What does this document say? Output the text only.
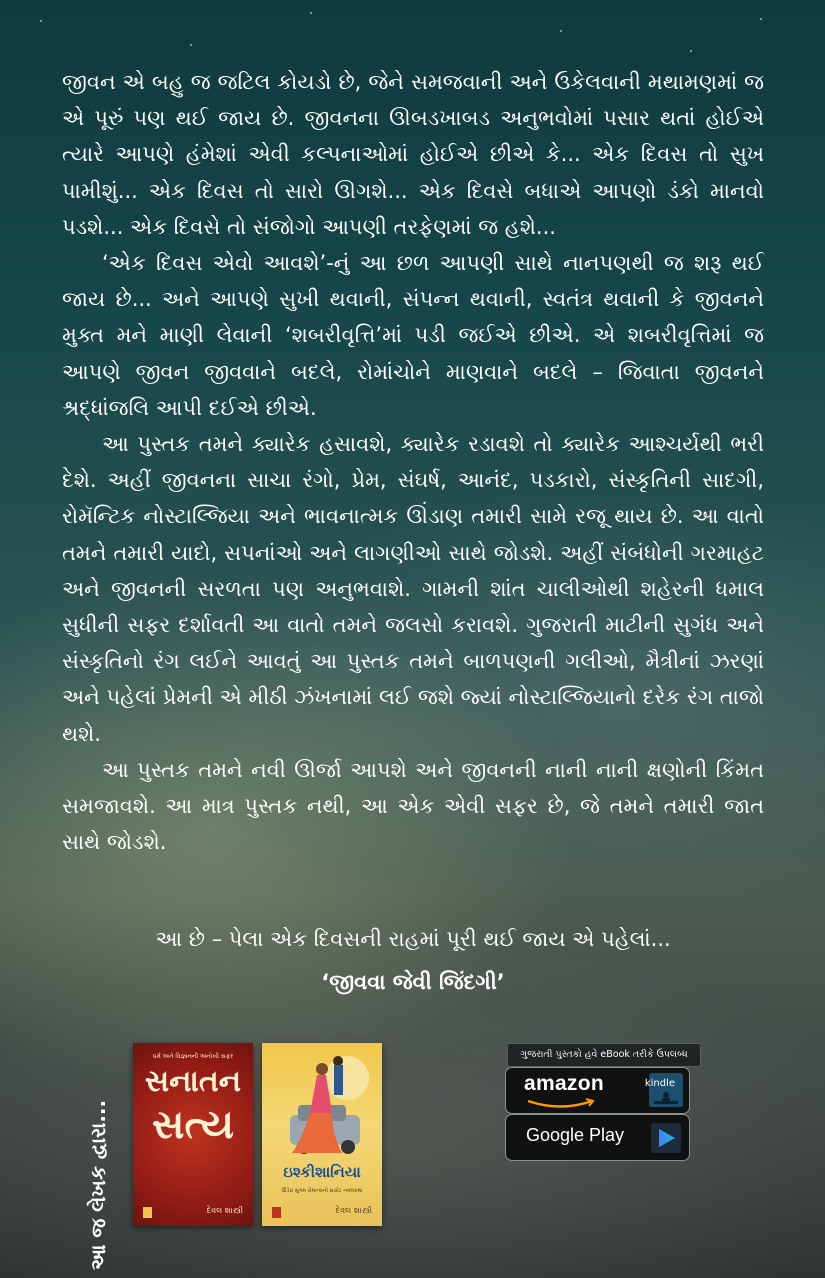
જીવન એ બહુ જ જટિલ કોયડો છે, જેને સમજવાની અને ઉકેલવાની મથામણમાં જ એ પૂરું પણ થઈ જાય છે. જીવનના ઊબડખાબડ અનુભવોમાં પસાર થતાં હોઈએ ત્યારે આપણે હંમેશાં એવી કલ્પનાઓમાં હોઈએ છીએ કે... એક દિવસ તો સુખ પામીશું... એક દિવસ તો સારો ઊગશે... એક દિવસે બધાએ આપણો ડંકો માનવો પડશે... એક દિવસે તો સંજોગો આપણી તરફેણમાં જ હશે...

‘એક દિવસ એવો આવશે’-નું આ છળ આપણી સાથે નાનપણથી જ શરૂ થઈ જાય છે... અને આપણે સુખી થવાની, સંપન્ન થવાની, સ્વતંત્ર થવાની કે જીવનને મુક્ત મને માણી લેવાની ‘શબરીવૃત્તિ’માં પડી જઈએ છીએ. એ શબરીવૃત્તિમાં જ આપણે જીવન જીવવાને બદલે, રોમાંચોને માણવાને બદલે – જિવાતા જીવનને શ્રદ્ધાંજલિ આપી દઈએ છીએ.

આ પુસ્તક તમને ક્યારેક હસાવશે, ક્યારેક રડાવશે તો ક્યારેક આશ્ચર્યથી ભરી દેશે. અહીં જીવનના સાચા રંગો, પ્રેમ, સંઘર્ષ, આનંદ, પડકારો, સંસ્કૃતિની સાદગી, રોમૅન્ટિક નોસ્ટાલ્જિયા અને ભાવનાત્મક ઊંડાણ તમારી સામે રજૂ થાય છે. આ વાતો તમને તમારી યાદો, સપનાંઓ અને લાગણીઓ સાથે જોડશે. અહીં સંબંધોની ગરમાહટ અને જીવનની સરળતા પણ અનુભવાશે. ગામની શાંત ચાલીઓથી શહેરની ધમાલ સુધીની સફર દર્શાવતી આ વાતો તમને જલસો કરાવશે. ગુજરાતી માટીની સુગંધ અને સંસ્કૃતિનો રંગ લઈને આવતું આ પુસ્તક તમને બાળપણની ગલીઓ, મૈત્રીનાં ઝરણાં અને પહેલાં પ્રેમની એ મીઠી ઝંખનામાં લઈ જશે જ્યાં નોસ્ટાલ્જિયાનો દરેક રંગ તાજો થશે.

આ પુસ્તક તમને નવી ઊર્જા આપશે અને જીવનની નાની નાની ક્ષણોની કિંમત સમજાવશે. આ માત્ર પુસ્તક નથી, આ એક એવી સફર છે, જે તમને તમારી જાત સાથે જોડશે.

આ છે – પેલા એક દિવસની રાહમાં પૂરી થઈ જાય એ પહેલાં...
‘જીવવા જેવી જિંદગી’
આ જ લેખક દ્વારા...
ધર્મ અને વિજ્ઞાનની અનોખી સફર
સનાતન
સત્ય
દેવલ શાસ્ત્રી
ઇશ્કીશાનિયા
ઊંડેરા સુગમ રોમાન્સની સચોટ નવલકથા
દેવલ શાસ્ત્રી
ગુજરાતી પુસ્તકો હવે eBook તરીકે ઉપલબ્ધ
amazon	kindle
Google Play
